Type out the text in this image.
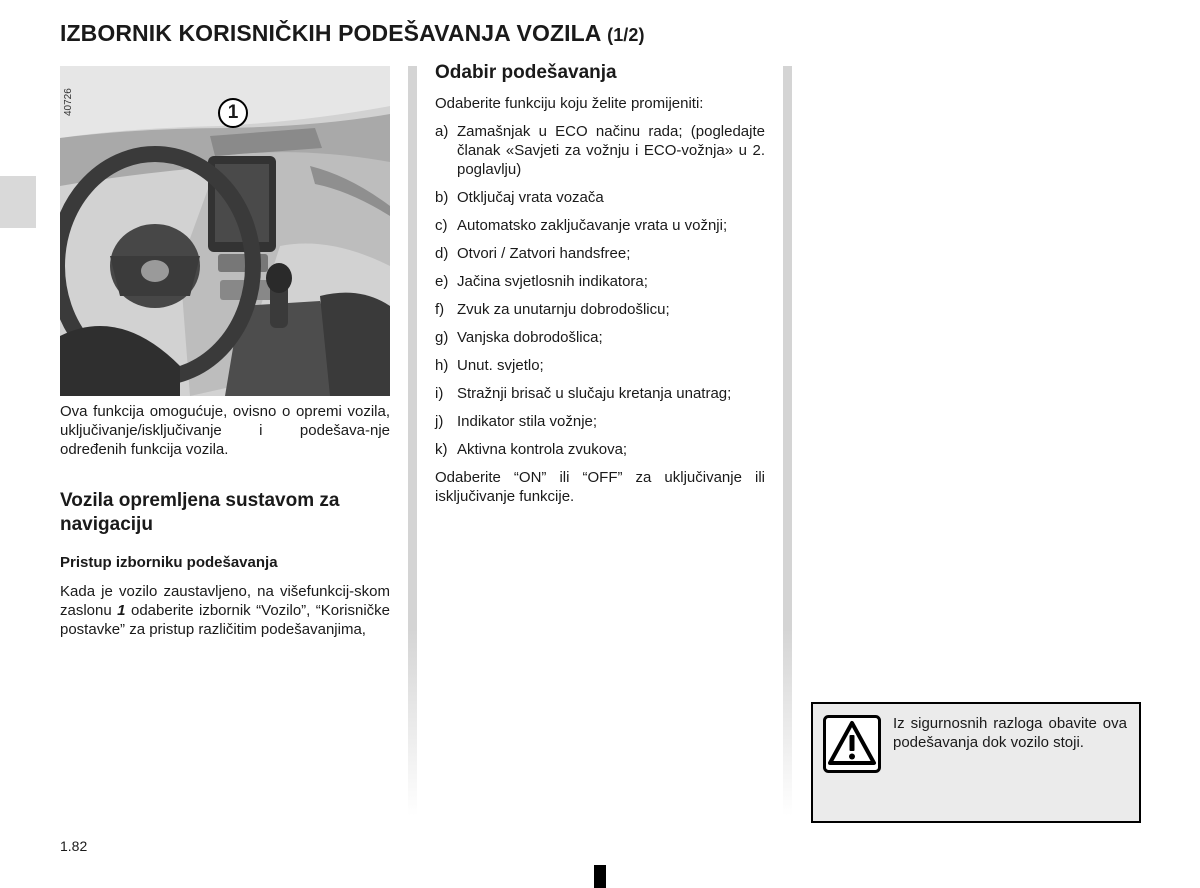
IZBORNIK KORISNIČKIH PODEŠAVANJA VOZILA (1/2)
40726	1

Ova funkcija omogućuje, ovisno o opremi vozila, uključivanje/isključivanje i podešava-nje određenih funkcija vozila.

Vozila opremljena sustavom za navigaciju
Pristup izborniku podešavanja

Kada je vozilo zaustavljeno, na višefunkcij-skom zaslonu 1 odaberite izbornik “Vozilo”, “Korisničke postavke” za pristup različitim podešavanjima,

Odabir podešavanja

Odaberite funkciju koju želite promijeniti:

a) Zamašnjak u ECO načinu rada; (pogledajte članak «Savjeti za vožnju i ECO-vožnja» u 2. poglavlju)
b) Otključaj vrata vozača
c) Automatsko zaključavanje vrata u vožnji;
d) Otvori / Zatvori handsfree;
e) Jačina svjetlosnih indikatora;
f) Zvuk za unutarnju dobrodošlicu;
g) Vanjska dobrodošlica;
h) Unut. svjetlo;
i) Stražnji brisač u slučaju kretanja unatrag;
j) Indikator stila vožnje;
k) Aktivna kontrola zvukova;

Odaberite “ON” ili “OFF” za uključivanje ili isključivanje funkcije.

Iz sigurnosnih razloga obavite ova podešavanja dok vozilo stoji.

1.82
